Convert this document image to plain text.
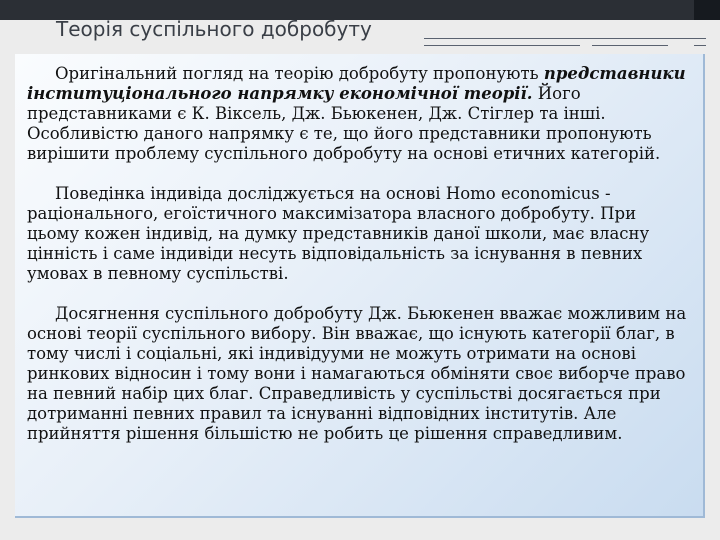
Теорія суспільного добробуту

Оригінальний погляд на теорію добробуту пропонують представники інституціонального напрямку економічної теорії. Його представниками є К. Віксель, Дж. Бьюкенен, Дж. Стіглер та інші. Особливістю даного напрямку є те, що його представники пропонують вирішити проблему суспільного добробуту на основі етичних категорій.

Поведінка індивіда досліджується на основі Homo economicus - раціонального, егоїстичного максимізатора власного добробуту. При цьому кожен індивід, на думку представників даної школи, має власну цінність і саме індивіди несуть відповідальність за існування в певних умовах в певному суспільстві.

Досягнення суспільного добробуту Дж. Бьюкенен вважає можливим на основі теорії суспільного вибору. Він вважає, що існують категорії благ, в тому числі і соціальні, які індивідууми не можуть отримати на основі ринкових відносин і тому вони і намагаються обміняти своє виборче право на певний набір цих благ. Справедливість у суспільстві досягається при дотриманні певних правил та існуванні відповідних інститутів. Але прийняття рішення більшістю не робить це рішення справедливим.
